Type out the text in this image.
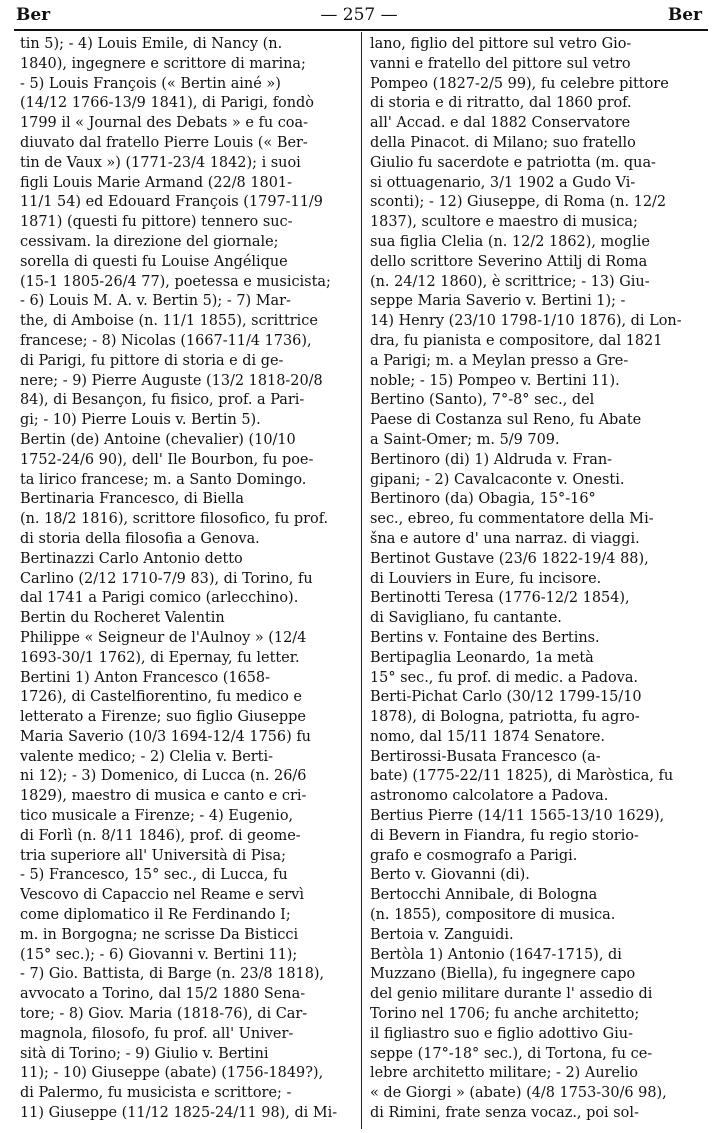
Ber	— 257 —	Ber
tin 5); - 4) Louis Emile, di Nancy (n.
1840), ingegnere e scrittore di marina;
- 5) Louis François (« Bertin ainé »)
(14/12 1766-13/9 1841), di Parigi, fondò
1799 il « Journal des Debats » e fu coa-
diuvato dal fratello Pierre Louis (« Ber-
tin de Vaux ») (1771-23/4 1842); i suoi
figli Louis Marie Armand (22/8 1801-
11/1 54) ed Edouard François (1797-11/9
1871) (questi fu pittore) tennero suc-
cessivam. la direzione del giornale;
sorella di questi fu Louise Angélique
(15-1 1805-26/4 77), poetessa e musicista;
- 6) Louis M. A. v. Bertin 5); - 7) Mar-
the, di Amboise (n. 11/1 1855), scrittrice
francese; - 8) Nicolas (1667-11/4 1736),
di Parigi, fu pittore di storia e di ge-
nere; - 9) Pierre Auguste (13/2 1818-20/8
84), di Besançon, fu fisico, prof. a Pari-
gi; - 10) Pierre Louis v. Bertin 5).
Bertin (de) Antoine (chevalier) (10/10
1752-24/6 90), dell' Ile Bourbon, fu poe-
ta lirico francese; m. a Santo Domingo.
Bertinaria Francesco, di Biella
(n. 18/2 1816), scrittore filosofico, fu prof.
di storia della filosofia a Genova.
Bertinazzi Carlo Antonio detto
Carlino (2/12 1710-7/9 83), di Torino, fu
dal 1741 a Parigi comico (arlecchino).
Bertin du Rocheret Valentin
Philippe « Seigneur de l'Aulnoy » (12/4
1693-30/1 1762), di Epernay, fu letter.
Bertini 1) Anton Francesco (1658-
1726), di Castelfiorentino, fu medico e
letterato a Firenze; suo figlio Giuseppe
Maria Saverio (10/3 1694-12/4 1756) fu
valente medico; - 2) Clelia v. Berti-
ni 12); - 3) Domenico, di Lucca (n. 26/6
1829), maestro di musica e canto e cri-
tico musicale a Firenze; - 4) Eugenio,
di Forlì (n. 8/11 1846), prof. di geome-
tria superiore all' Università di Pisa;
- 5) Francesco, 15° sec., di Lucca, fu
Vescovo di Capaccio nel Reame e servì
come diplomatico il Re Ferdinando I;
m. in Borgogna; ne scrisse Da Bisticci
(15° sec.); - 6) Giovanni v. Bertini 11);
- 7) Gio. Battista, di Barge (n. 23/8 1818),
avvocato a Torino, dal 15/2 1880 Sena-
tore; - 8) Giov. Maria (1818-76), di Car-
magnola, filosofo, fu prof. all' Univer-
sità di Torino; - 9) Giulio v. Bertini
11); - 10) Giuseppe (abate) (1756-1849?),
di Palermo, fu musicista e scrittore; -
11) Giuseppe (11/12 1825-24/11 98), di Mi-
lano, figlio del pittore sul vetro Gio-
vanni e fratello del pittore sul vetro
Pompeo (1827-2/5 99), fu celebre pittore
di storia e di ritratto, dal 1860 prof.
all' Accad. e dal 1882 Conservatore
della Pinacot. di Milano; suo fratello
Giulio fu sacerdote e patriotta (m. qua-
si ottuagenario, 3/1 1902 a Gudo Vi-
sconti); - 12) Giuseppe, di Roma (n. 12/2
1837), scultore e maestro di musica;
sua figlia Clelia (n. 12/2 1862), moglie
dello scrittore Severino Attilj di Roma
(n. 24/12 1860), è scrittrice; - 13) Giu-
seppe Maria Saverio v. Bertini 1); -
14) Henry (23/10 1798-1/10 1876), di Lon-
dra, fu pianista e compositore, dal 1821
a Parigi; m. a Meylan presso a Gre-
noble; - 15) Pompeo v. Bertini 11).
Bertino (Santo), 7°-8° sec., del
Paese di Costanza sul Reno, fu Abate
a Saint-Omer; m. 5/9 709.
Bertinoro (di) 1) Aldruda v. Fran-
gipani; - 2) Cavalcaconte v. Onesti.
Bertinoro (da) Obagia, 15°-16°
sec., ebreo, fu commentatore della Mi-
šna e autore d' una narraz. di viaggi.
Bertinot Gustave (23/6 1822-19/4 88),
di Louviers in Eure, fu incisore.
Bertinotti Teresa (1776-12/2 1854),
di Savigliano, fu cantante.
Bertins v. Fontaine des Bertins.
Bertipaglia Leonardo, 1a metà
15° sec., fu prof. di medic. a Padova.
Berti-Pichat Carlo (30/12 1799-15/10
1878), di Bologna, patriotta, fu agro-
nomo, dal 15/11 1874 Senatore.
Bertirossi-Busata Francesco (a-
bate) (1775-22/11 1825), di Maròstica, fu
astronomo calcolatore a Padova.
Bertius Pierre (14/11 1565-13/10 1629),
di Bevern in Fiandra, fu regio storio-
grafo e cosmografo a Parigi.
Berto v. Giovanni (di).
Bertocchi Annibale, di Bologna
(n. 1855), compositore di musica.
Bertoia v. Zanguidi.
Bertòla 1) Antonio (1647-1715), di
Muzzano (Biella), fu ingegnere capo
del genio militare durante l' assedio di
Torino nel 1706; fu anche architetto;
il figliastro suo e figlio adottivo Giu-
seppe (17°-18° sec.), di Tortona, fu ce-
lebre architetto militare; - 2) Aurelio
« de Giorgi » (abate) (4/8 1753-30/6 98),
di Rimini, frate senza vocaz., poi sol-
